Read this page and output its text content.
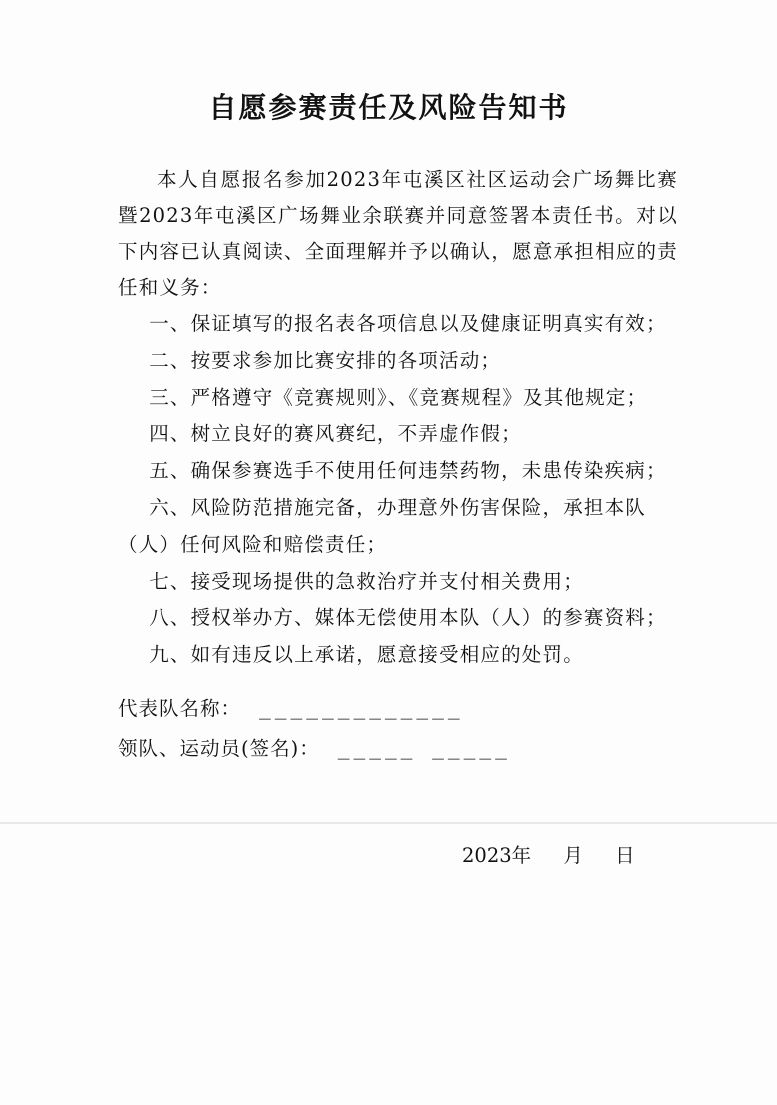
自愿参赛责任及风险告知书

本人自愿报名参加2023年屯溪区社区运动会广场舞比赛暨2023年屯溪区广场舞业余联赛并同意签署本责任书。对以下内容已认真阅读、全面理解并予以确认，愿意承担相应的责任和义务：

一、保证填写的报名表各项信息以及健康证明真实有效；
二、按要求参加比赛安排的各项活动；
三、严格遵守《竞赛规则》、《竞赛规程》及其他规定；
四、树立良好的赛风赛纪，不弄虚作假；
五、确保参赛选手不使用任何违禁药物，未患传染疾病；
六、风险防范措施完备，办理意外伤害保险，承担本队（人）任何风险和赔偿责任；
七、接受现场提供的急救治疗并支付相关费用；
八、授权举办方、媒体无偿使用本队（人）的参赛资料；
九、如有违反以上承诺，愿意接受相应的处罚。
代表队名称： _____________
领队、运动员(签名)： _____ _____
2023年 月 日
